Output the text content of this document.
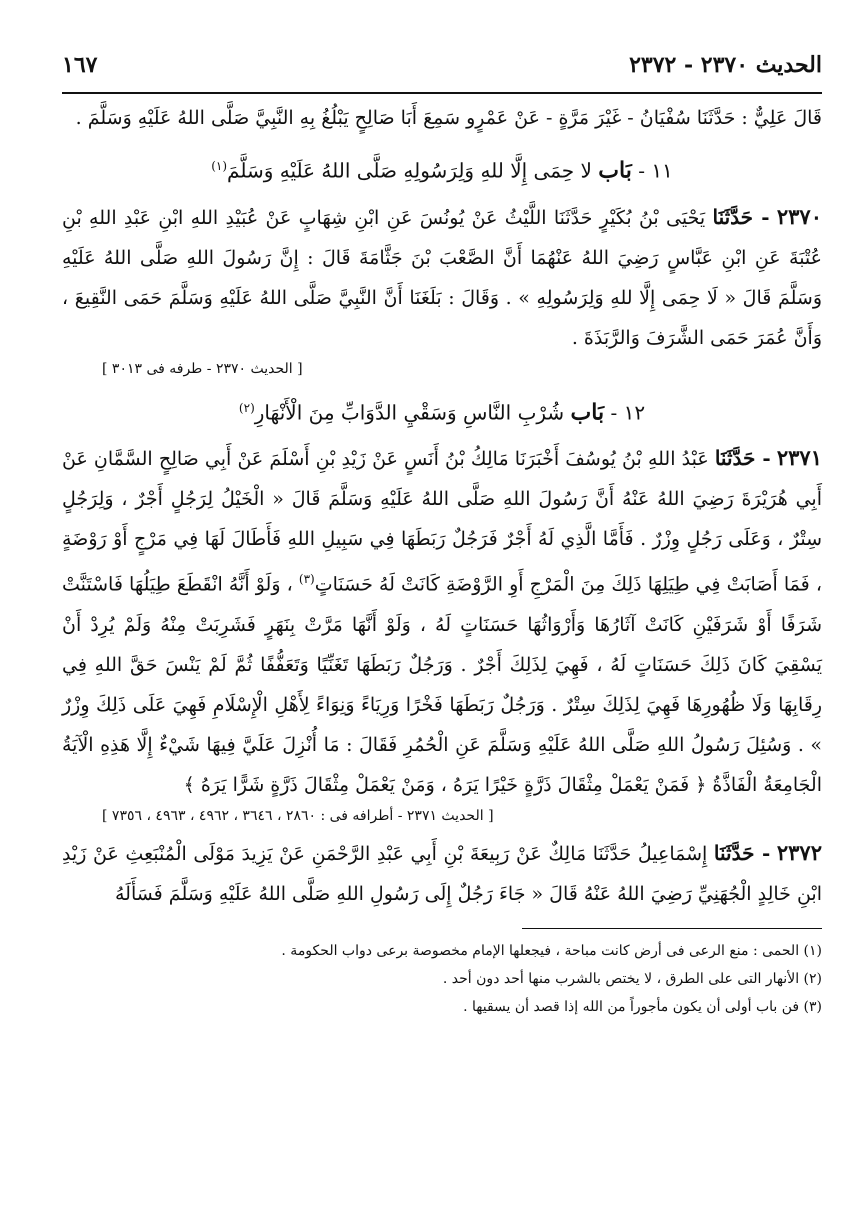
الحديث ٢٣٧٠ - ٢٣٧٢
١٦٧

قَالَ عَلِيٌّ : حَدَّثَنَا سُفْيَانُ - غَيْرَ مَرَّةٍ - عَنْ عَمْرٍو سَمِعَ أَبَا صَالِحٍ يَبْلُغُ بِهِ النَّبِيَّ صَلَّى اللهُ عَلَيْهِ وَسَلَّمَ .

١١ - بَاب لا حِمَى إِلَّا للهِ وَلِرَسُولِهِ صَلَّى اللهُ عَلَيْهِ وَسَلَّمَ$^{(١)}$

٢٣٧٠ - حَدَّثَنَا يَحْيَى بْنُ بُكَيْرٍ حَدَّثَنَا اللَّيْثُ عَنْ يُونُسَ عَنِ ابْنِ شِهَابٍ عَنْ عُبَيْدِ اللهِ ابْنِ عَبْدِ اللهِ بْنِ عُتْبَةَ عَنِ ابْنِ عَبَّاسٍ رَضِيَ اللهُ عَنْهُمَا أَنَّ الصَّعْبَ بْنَ جَثَّامَةَ قَالَ : إِنَّ رَسُولَ اللهِ صَلَّى اللهُ عَلَيْهِ وَسَلَّمَ قَالَ « لَا حِمَى إِلَّا للهِ وَلِرَسُولِهِ » . وَقَالَ : بَلَغَنَا أَنَّ النَّبِيَّ صَلَّى اللهُ عَلَيْهِ وَسَلَّمَ حَمَى النَّقِيعَ ، وَأَنَّ عُمَرَ حَمَى الشَّرَفَ وَالرَّبَذَةَ .

[ الحديث ٢٣٧٠ - طرفه فى ٣٠١٣ ]
١٢ - بَاب شُرْبِ النَّاسِ وَسَقْيِ الدَّوَابِّ مِنَ الْأَنْهَارِ$^{(٢)}$

٢٣٧١ - حَدَّثَنَا عَبْدُ اللهِ بْنُ يُوسُفَ أَخْبَرَنَا مَالِكُ بْنُ أَنَسٍ عَنْ زَيْدِ بْنِ أَسْلَمَ عَنْ أَبِي صَالِحٍ السَّمَّانِ عَنْ أَبِي هُرَيْرَةَ رَضِيَ اللهُ عَنْهُ أَنَّ رَسُولَ اللهِ صَلَّى اللهُ عَلَيْهِ وَسَلَّمَ قَالَ « الْخَيْلُ لِرَجُلٍ أَجْرٌ ، وَلِرَجُلٍ سِتْرٌ ، وَعَلَى رَجُلٍ وِزْرٌ . فَأَمَّا الَّذِي لَهُ أَجْرٌ فَرَجُلٌ رَبَطَهَا فِي سَبِيلِ اللهِ فَأَطَالَ لَهَا فِي مَرْجٍ أَوْ رَوْضَةٍ ، فَمَا أَصَابَتْ فِي طِيَلِهَا ذَلِكَ مِنَ الْمَرْجِ أَوِ الرَّوْضَةِ كَانَتْ لَهُ حَسَنَاتٍ$^{(٣)}$ ، وَلَوْ أَنَّهُ انْقَطَعَ طِيَلُهَا فَاسْتَنَّتْ شَرَفًا أَوْ شَرَفَيْنِ كَانَتْ آثَارُهَا وَأَرْوَاثُهَا حَسَنَاتٍ لَهُ ، وَلَوْ أَنَّهَا مَرَّتْ بِنَهَرٍ فَشَرِبَتْ مِنْهُ وَلَمْ يُرِدْ أَنْ يَسْقِيَ كَانَ ذَلِكَ حَسَنَاتٍ لَهُ ، فَهِيَ لِذَلِكَ أَجْرٌ . وَرَجُلٌ رَبَطَهَا تَغَنِّيًا وَتَعَفُّفًا ثُمَّ لَمْ يَنْسَ حَقَّ اللهِ فِي رِقَابِهَا وَلَا ظُهُورِهَا فَهِيَ لِذَلِكَ سِتْرٌ . وَرَجُلٌ رَبَطَهَا فَخْرًا وَرِيَاءً وَنِوَاءً لِأَهْلِ الْإِسْلَامِ فَهِيَ عَلَى ذَلِكَ وِزْرٌ » . وَسُئِلَ رَسُولُ اللهِ صَلَّى اللهُ عَلَيْهِ وَسَلَّمَ عَنِ الْحُمُرِ فَقَالَ : مَا أُنْزِلَ عَلَيَّ فِيهَا شَيْءٌ إِلَّا هَذِهِ الْآيَةُ الْجَامِعَةُ الْفَاذَّةُ ﴿ فَمَنْ يَعْمَلْ مِثْقَالَ ذَرَّةٍ خَيْرًا يَرَهُ ، وَمَنْ يَعْمَلْ مِثْقَالَ ذَرَّةٍ شَرًّا يَرَهُ ﴾

[ الحديث ٢٣٧١ - أطرافه فى : ٢٨٦٠ ، ٣٦٤٦ ، ٤٩٦٢ ، ٤٩٦٣ ، ٧٣٥٦ ]

٢٣٧٢ - حَدَّثَنَا إِسْمَاعِيلُ حَدَّثَنَا مَالِكٌ عَنْ رَبِيعَةَ بْنِ أَبِي عَبْدِ الرَّحْمَنِ عَنْ يَزِيدَ مَوْلَى الْمُنْبَعِثِ عَنْ زَيْدِ ابْنِ خَالِدٍ الْجُهَنِيِّ رَضِيَ اللهُ عَنْهُ قَالَ « جَاءَ رَجُلٌ إِلَى رَسُولِ اللهِ صَلَّى اللهُ عَلَيْهِ وَسَلَّمَ فَسَأَلَهُ

(١) الحمى : منع الرعى فى أرض كانت مباحة ، فيجعلها الإمام مخصوصة برعى دواب الحكومة .
(٢) الأنهار التى على الطرق ، لا يختص بالشرب منها أحد دون أحد .
(٣) فن باب أولى أن يكون مأجوراً من الله إذا قصد أن يسقيها .
